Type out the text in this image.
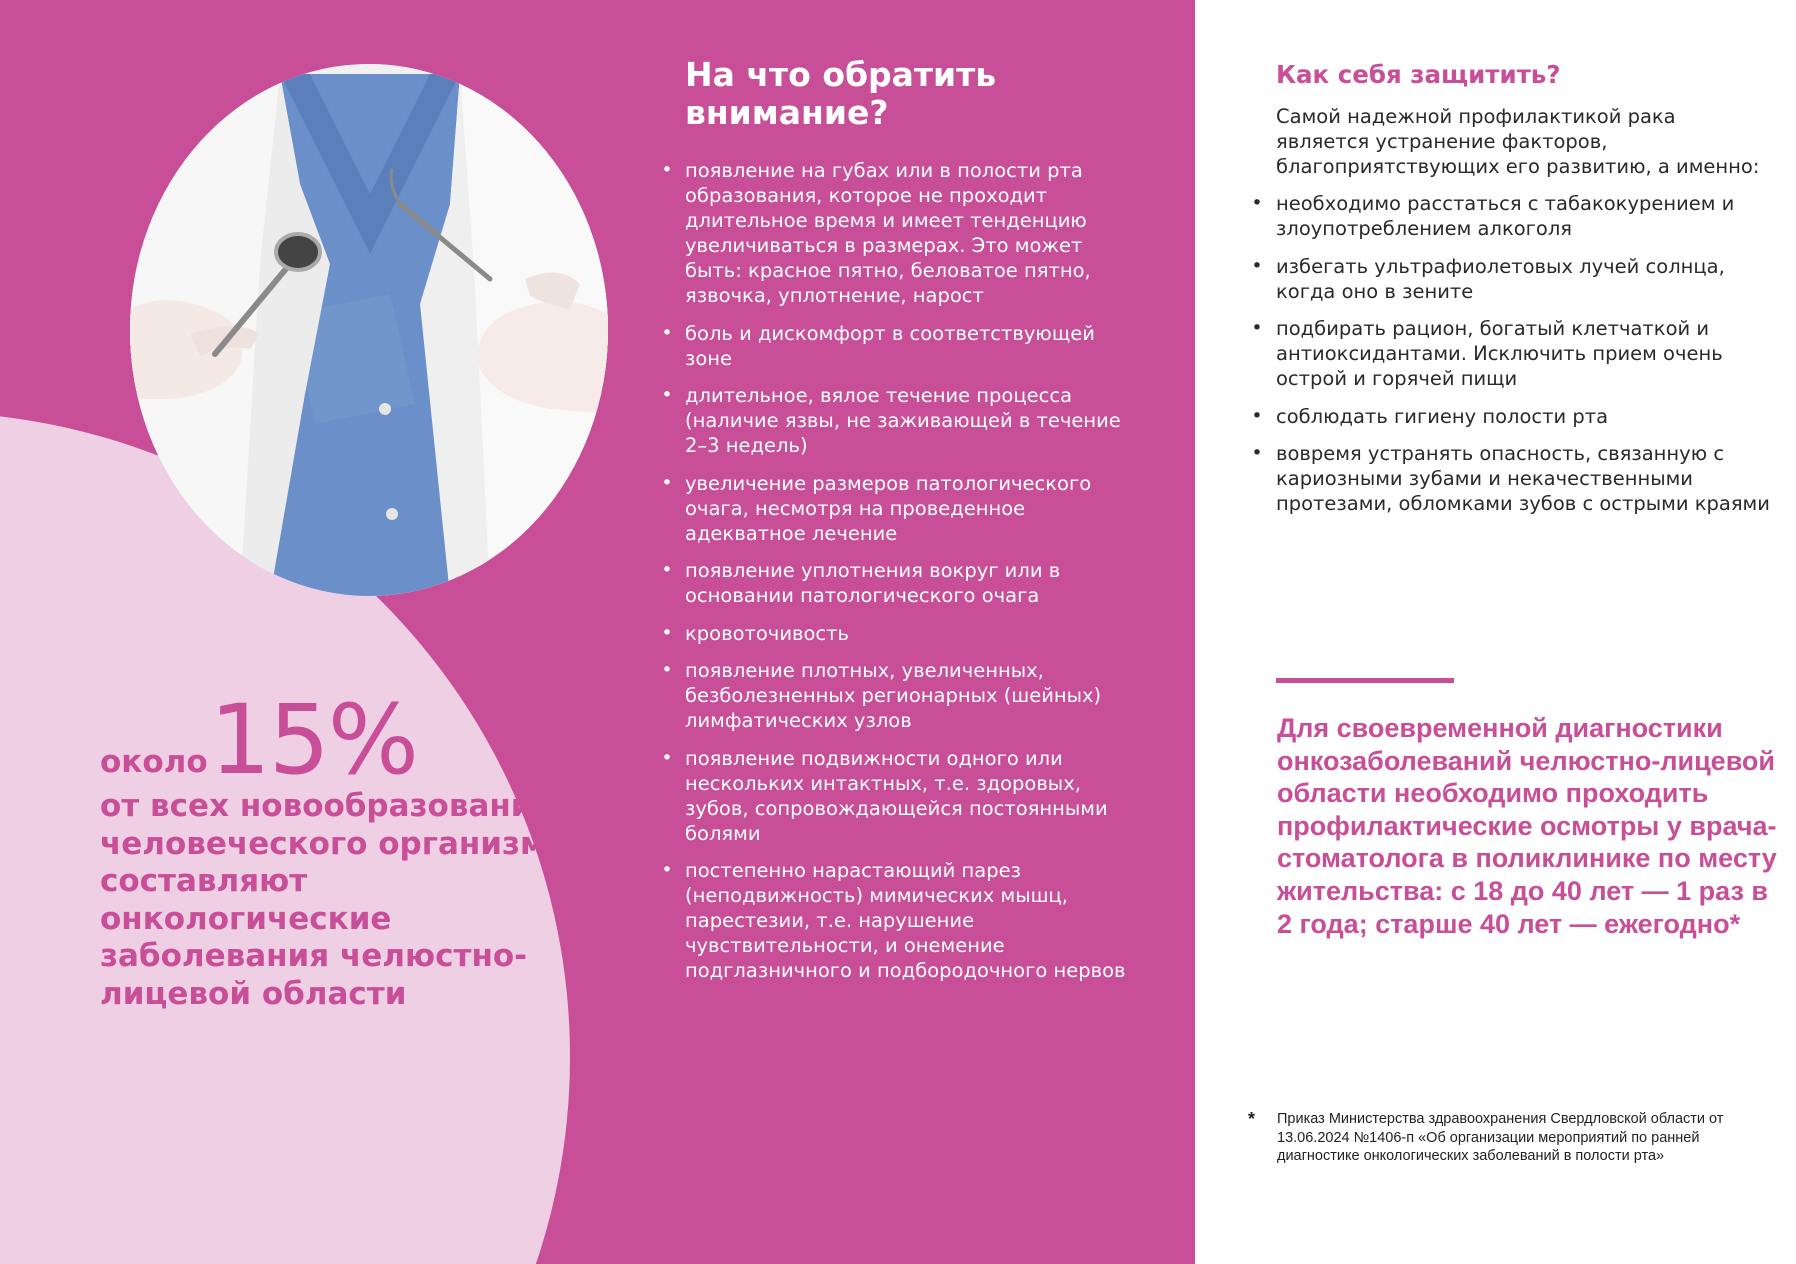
около 15%
от всех новообразований человеческого организма составляют онкологические заболевания челюстно-лицевой области
На что обратить внимание?
• появление на губах или в полости рта образования, которое не проходит длительное время и имеет тенденцию увеличиваться в размерах. Это может быть: красное пятно, беловатое пятно, язвочка, уплотнение, нарост
• боль и дискомфорт в соответствующей зоне
• длительное, вялое течение процесса (наличие язвы, не заживающей в течение 2–3 недель)
• увеличение размеров патологического очага, несмотря на проведенное адекватное лечение
• появление уплотнения вокруг или в основании патологического очага
• кровоточивость
• появление плотных, увеличенных, безболезненных регионарных (шейных) лимфатических узлов
• появление подвижности одного или нескольких интактных, т.е. здоровых, зубов, сопровождающейся постоянными болями
• постепенно нарастающий парез (неподвижность) мимических мышц, парестезии, т.е. нарушение чувствительности, и онемение подглазничного и подбородочного нервов
Как себя защитить?

Самой надежной профилактикой рака является устранение факторов, благоприятствующих его развитию, а именно:

• необходимо расстаться с табакокурением и злоупотреблением алкоголя
• избегать ультрафиолетовых лучей солнца, когда оно в зените
• подбирать рацион, богатый клетчаткой и антиоксидантами. Исключить прием очень острой и горячей пищи
• соблюдать гигиену полости рта
• вовремя устранять опасность, связанную с кариозными зубами и некачественными протезами, обломками зубов с острыми краями
Для своевременной диагностики онкозаболеваний челюстно-лицевой области необходимо проходить профилактические осмотры у врача-стоматолога в поликлинике по месту жительства: с 18 до 40 лет — 1 раз в 2 года; старше 40 лет — ежегодно*
* Приказ Министерства здравоохранения Свердловской области от 13.06.2024 №1406-п «Об организации мероприятий по ранней диагностике онкологических заболеваний в полости рта»
